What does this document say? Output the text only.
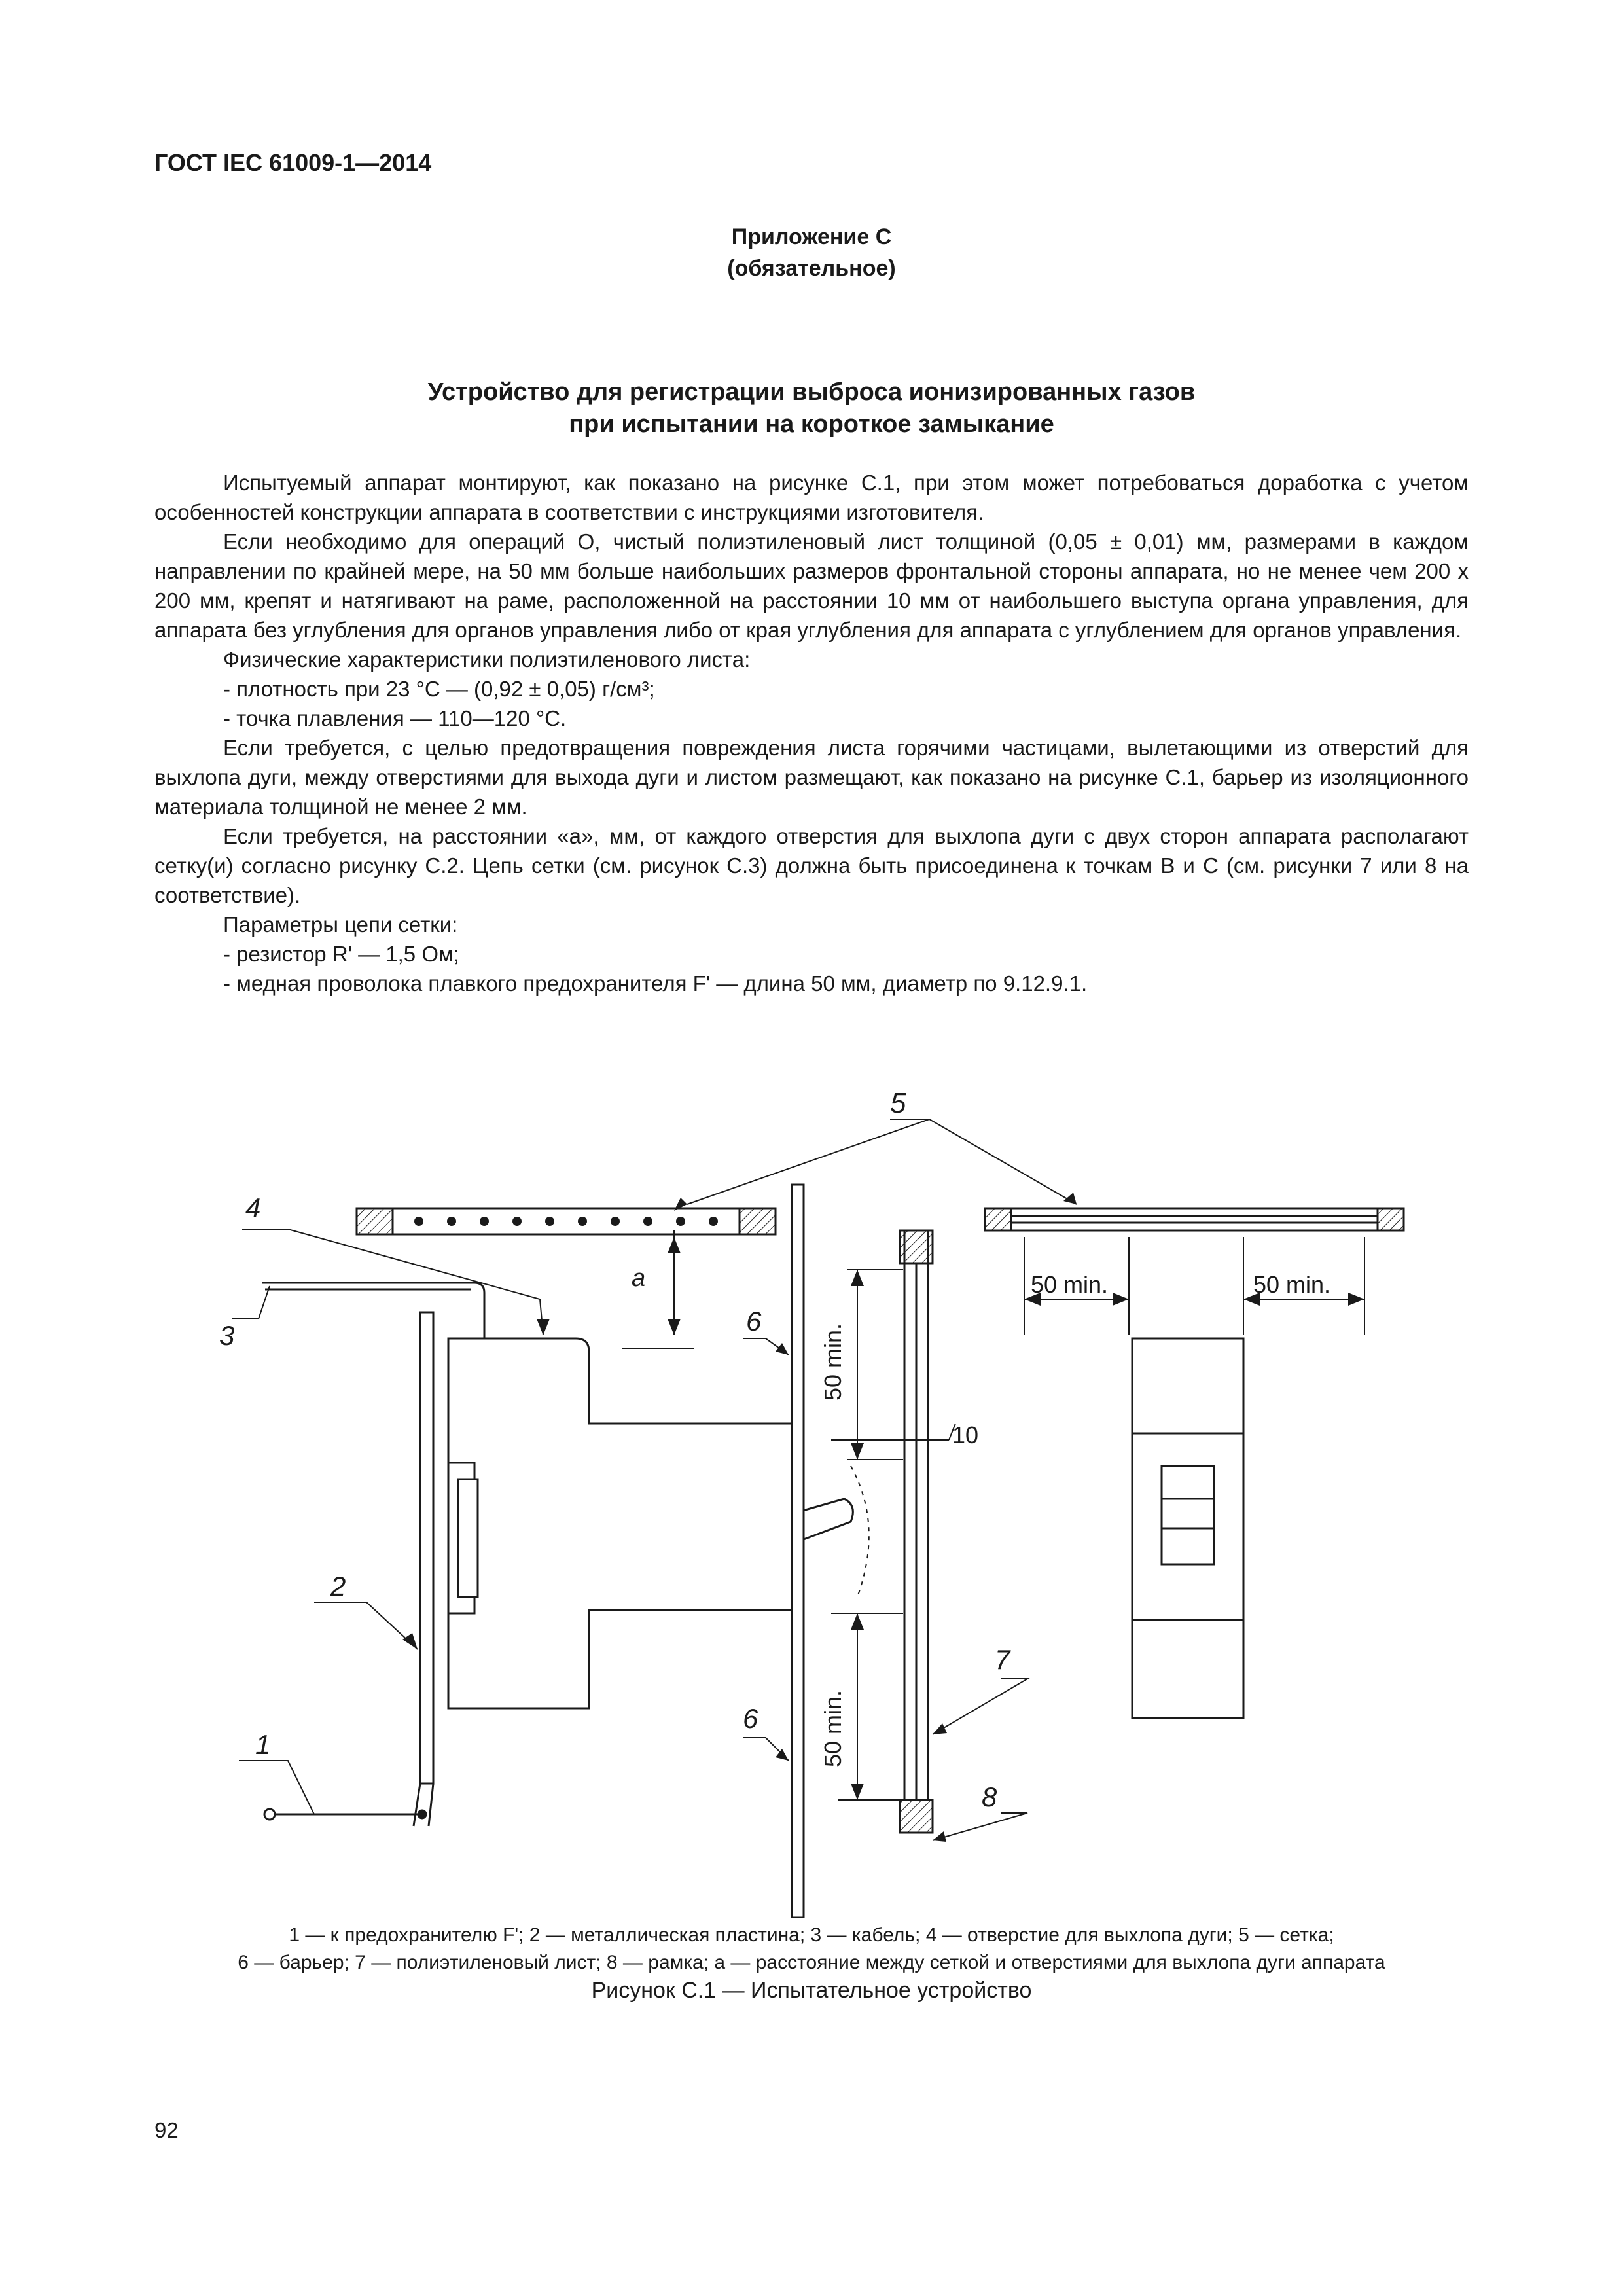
ГОСТ IEC 61009-1—2014
Приложение С
(обязательное)
Устройство для регистрации выброса ионизированных газов
при испытании на короткое замыкание

Испытуемый аппарат монтируют, как показано на рисунке С.1, при этом может потребоваться доработка с учетом особенностей конструкции аппарата в соответствии с инструкциями изготовителя.

Если необходимо для операций O, чистый полиэтиленовый лист толщиной (0,05 ± 0,01) мм, размерами в каждом направлении по крайней мере, на 50 мм больше наибольших размеров фронтальной стороны аппарата, но не менее чем 200 x 200 мм, крепят и натягивают на раме, расположенной на расстоянии 10 мм от наибольшего выступа органа управления, для аппарата без углубления для органов управления либо от края углубления для аппарата с углублением для органов управления.

Физические характеристики полиэтиленового листа:

- плотность при 23 °С — (0,92 ± 0,05) г/см³;

- точка плавления — 110—120 °С.

Если требуется, с целью предотвращения повреждения листа горячими частицами, вылетающими из отверстий для выхлопа дуги, между отверстиями для выхода дуги и листом размещают, как показано на рисунке С.1, барьер из изоляционного материала толщиной не менее 2 мм.

Если требуется, на расстоянии «а», мм, от каждого отверстия для выхлопа дуги с двух сторон аппарата располагают сетку(и) согласно рисунку С.2. Цепь сетки (см. рисунок С.3) должна быть присоединена к точкам В и С (см. рисунки 7 или 8 на соответствие).

Параметры цепи сетки:

- резистор R' — 1,5 Ом;

- медная проволока плавкого предохранителя F' — длина 50 мм, диаметр по 9.12.9.1.

1
2
3
4
5
6
6
7
8
a
10
50 min.	50 min.
50 min.
50 min.
1 — к предохранителю F'; 2 — металлическая пластина; 3 — кабель; 4 — отверстие для выхлопа дуги; 5 — сетка;
6 — барьер; 7 — полиэтиленовый лист; 8 — рамка; а — расстояние между сеткой и отверстиями для выхлопа дуги аппарата
Рисунок С.1 — Испытательное устройство
92
